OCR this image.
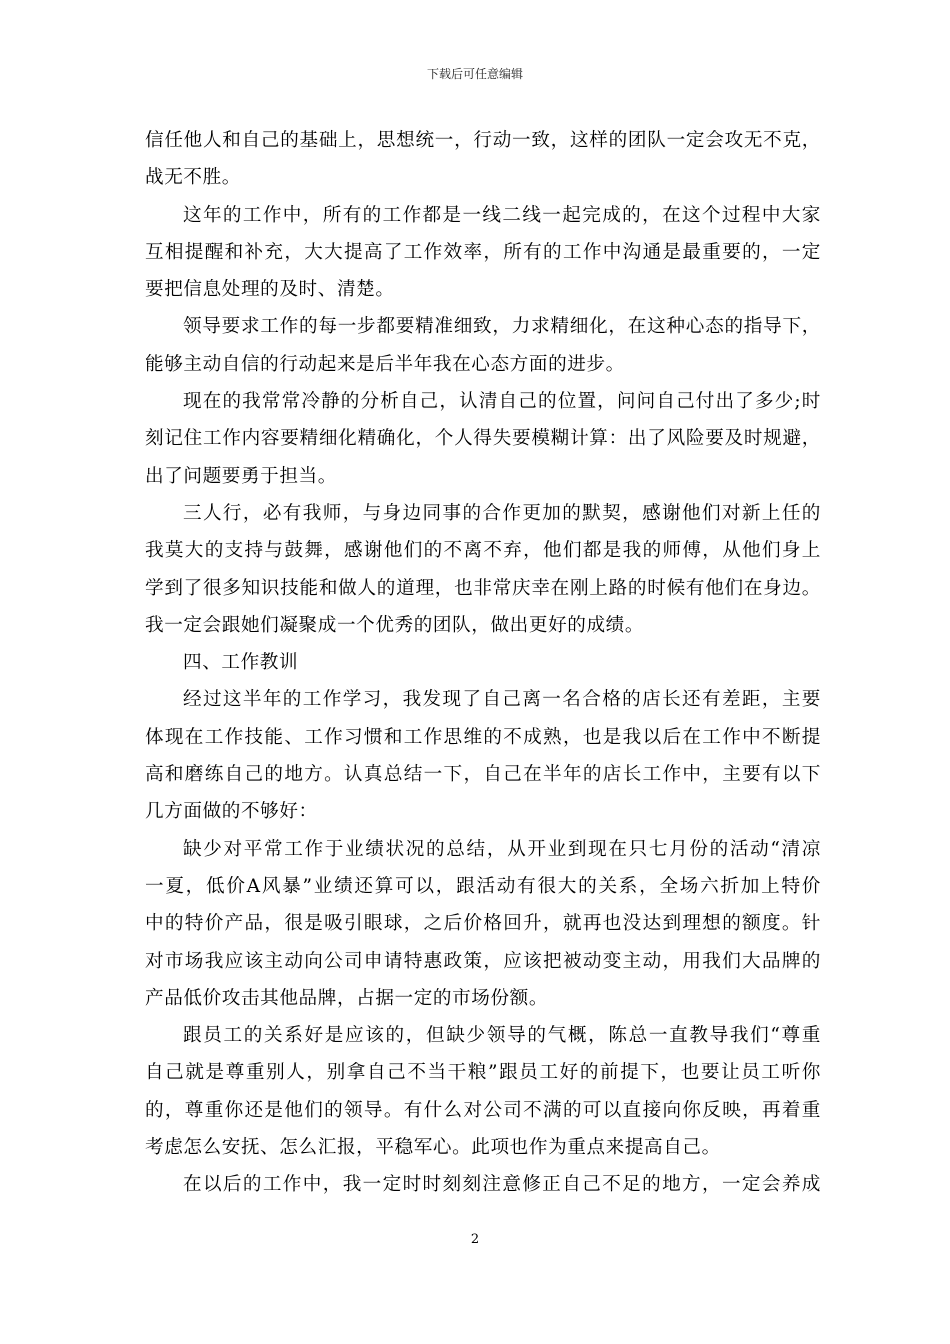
下载后可任意编辑
信任他人和自己的基础上，思想统一，行动一致，这样的团队一定会攻无不克，
战无不胜。
这年的工作中，所有的工作都是一线二线一起完成的，在这个过程中大家
互相提醒和补充，大大提高了工作效率，所有的工作中沟通是最重要的，一定
要把信息处理的及时、清楚。
领导要求工作的每一步都要精准细致，力求精细化，在这种心态的指导下，
能够主动自信的行动起来是后半年我在心态方面的进步。
现在的我常常冷静的分析自己，认清自己的位置，问问自己付出了多少;时
刻记住工作内容要精细化精确化，个人得失要模糊计算：出了风险要及时规避，
出了问题要勇于担当。
三人行，必有我师，与身边同事的合作更加的默契，感谢他们对新上任的
我莫大的支持与鼓舞，感谢他们的不离不弃，他们都是我的师傅，从他们身上
学到了很多知识技能和做人的道理，也非常庆幸在刚上路的时候有他们在身边。
我一定会跟她们凝聚成一个优秀的团队，做出更好的成绩。
四、工作教训
经过这半年的工作学习，我发现了自己离一名合格的店长还有差距，主要
体现在工作技能、工作习惯和工作思维的不成熟，也是我以后在工作中不断提
高和磨练自己的地方。认真总结一下，自己在半年的店长工作中，主要有以下
几方面做的不够好：
缺少对平常工作于业绩状况的总结，从开业到现在只七月份的活动“清凉
一夏，低价A风暴”业绩还算可以，跟活动有很大的关系，全场六折加上特价
中的特价产品，很是吸引眼球，之后价格回升，就再也没达到理想的额度。针
对市场我应该主动向公司申请特惠政策，应该把被动变主动，用我们大品牌的
产品低价攻击其他品牌，占据一定的市场份额。
跟员工的关系好是应该的，但缺少领导的气概，陈总一直教导我们“尊重
自己就是尊重别人，别拿自己不当干粮”跟员工好的前提下，也要让员工听你
的，尊重你还是他们的领导。有什么对公司不满的可以直接向你反映，再着重
考虑怎么安抚、怎么汇报，平稳军心。此项也作为重点来提高自己。
在以后的工作中，我一定时时刻刻注意修正自己不足的地方，一定会养成
2
